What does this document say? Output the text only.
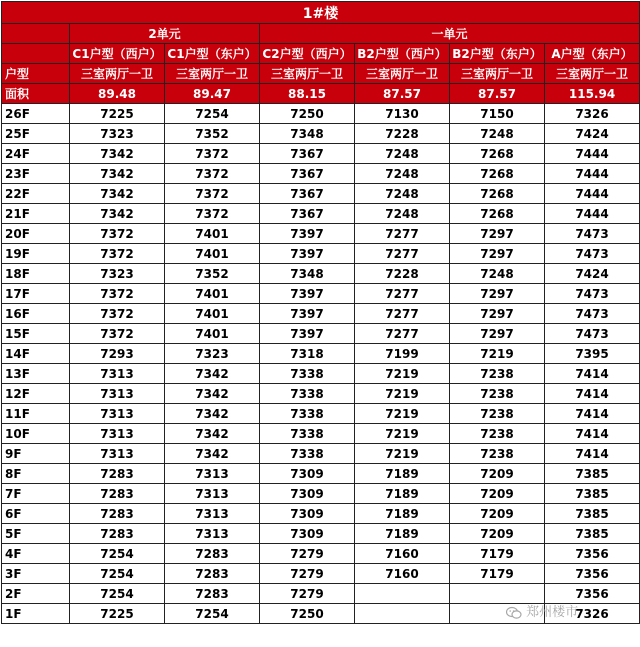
1#楼						
	2单元		一单元			
	C1户型（西户）	C1户型（东户）	C2户型（西户）	B2户型（西户）	B2户型（东户）	A户型（东户）
户型	三室两厅一卫	三室两厅一卫	三室两厅一卫	三室两厅一卫	三室两厅一卫	三室两厅一卫
面积	89.48	89.47	88.15	87.57	87.57	115.94
26F	7225	7254	7250	7130	7150	7326
25F	7323	7352	7348	7228	7248	7424
24F	7342	7372	7367	7248	7268	7444
23F	7342	7372	7367	7248	7268	7444
22F	7342	7372	7367	7248	7268	7444
21F	7342	7372	7367	7248	7268	7444
20F	7372	7401	7397	7277	7297	7473
19F	7372	7401	7397	7277	7297	7473
18F	7323	7352	7348	7228	7248	7424
17F	7372	7401	7397	7277	7297	7473
16F	7372	7401	7397	7277	7297	7473
15F	7372	7401	7397	7277	7297	7473
14F	7293	7323	7318	7199	7219	7395
13F	7313	7342	7338	7219	7238	7414
12F	7313	7342	7338	7219	7238	7414
11F	7313	7342	7338	7219	7238	7414
10F	7313	7342	7338	7219	7238	7414
9F	7313	7342	7338	7219	7238	7414
8F	7283	7313	7309	7189	7209	7385
7F	7283	7313	7309	7189	7209	7385
6F	7283	7313	7309	7189	7209	7385
5F	7283	7313	7309	7189	7209	7385
4F	7254	7283	7279	7160	7179	7356
3F	7254	7283	7279	7160	7179	7356
2F	7254	7283	7279			7356
1F	7225	7254	7250			7326
郑州楼市
